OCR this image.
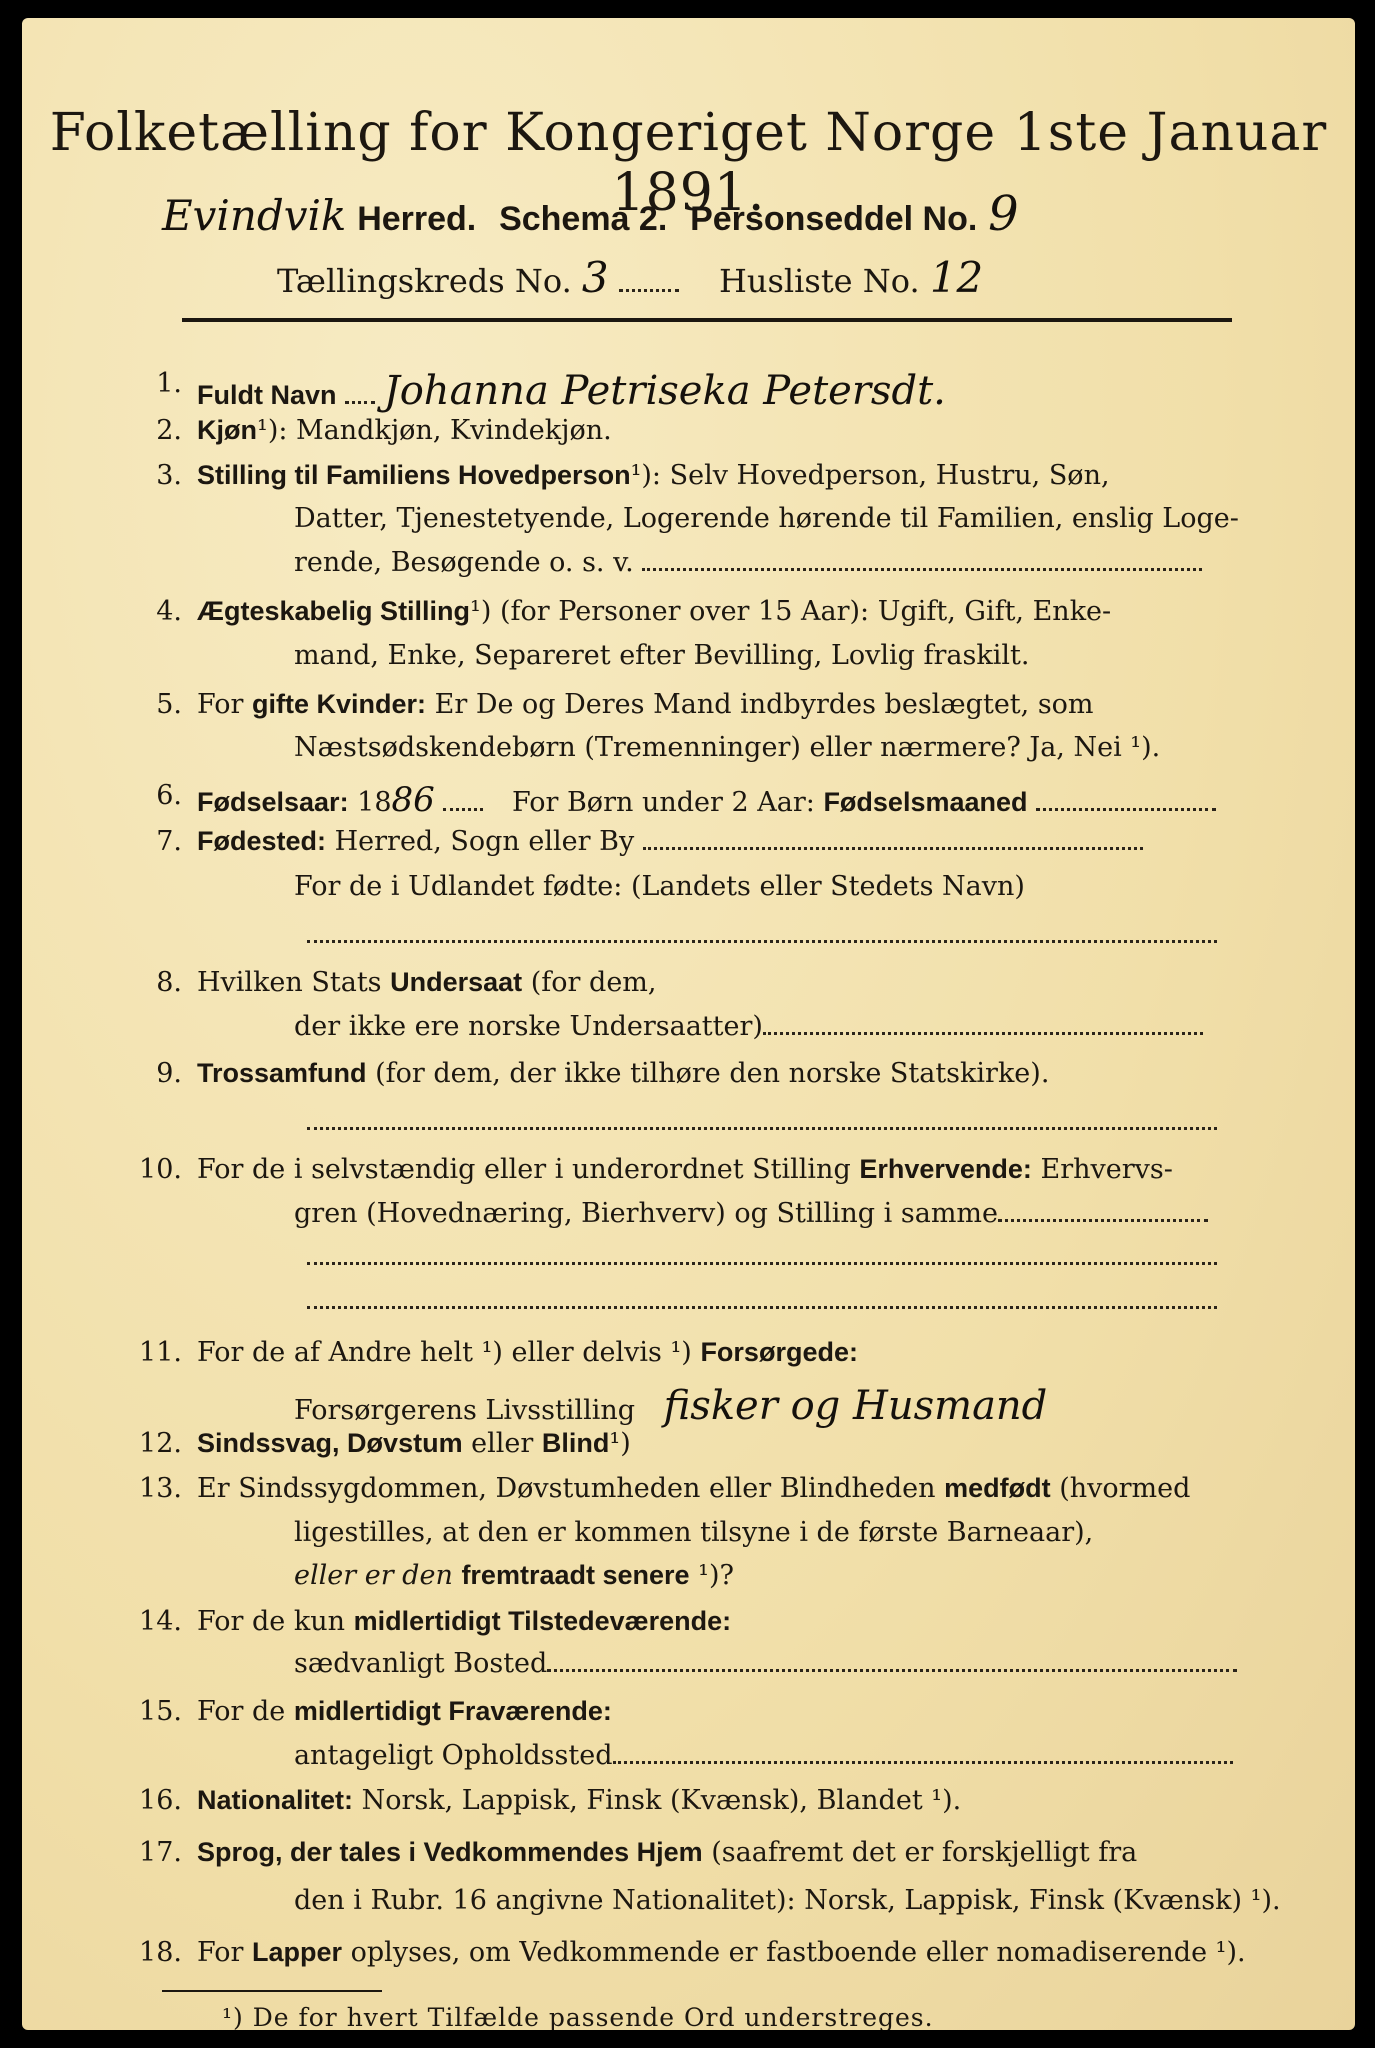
Folketælling for Kongeriget Norge 1ste Januar 1891.
Evindvik Herred. Schema 2. Personseddel No. 9
Tællingskreds No. 3	Husliste No. 12
1. Fuldt Navn Johanna Petriseka Petersdt.
2. Kjøn¹): Mandkjøn, Kvindekjøn.
3. Stilling til Familiens Hovedperson¹): Selv Hovedperson, Hustru, Søn,
Datter, Tjenestetyende, Logerende hørende til Familien, enslig Loge-
rende, Besøgende o. s. v.
4. Ægteskabelig Stilling¹) (for Personer over 15 Aar): Ugift, Gift, Enke-
mand, Enke, Separeret efter Bevilling, Lovlig fraskilt.
5. For gifte Kvinder: Er De og Deres Mand indbyrdes beslægtet, som
Næstsødskendebørn (Tremenninger) eller nærmere? Ja, Nei ¹).
6. Fødselsaar: 1886	For Børn under 2 Aar: Fødselsmaaned
7. Fødested: Herred, Sogn eller By
For de i Udlandet fødte: (Landets eller Stedets Navn)
8. Hvilken Stats Undersaat (for dem,
der ikke ere norske Undersaatter)
9. Trossamfund (for dem, der ikke tilhøre den norske Statskirke).
10. For de i selvstændig eller i underordnet Stilling Erhvervende: Erhvervs-
gren (Hovednæring, Bierhverv) og Stilling i samme
11. For de af Andre helt ¹) eller delvis ¹) Forsørgede:
Forsørgerens Livsstilling fisker og Husmand
12. Sindssvag, Døvstum eller Blind¹)
13. Er Sindssygdommen, Døvstumheden eller Blindheden medfødt (hvormed
ligestilles, at den er kommen tilsyne i de første Barneaar),
eller er den fremtraadt senere ¹)?
14. For de kun midlertidigt Tilstedeværende:
sædvanligt Bosted
15. For de midlertidigt Fraværende:
antageligt Opholdssted
16. Nationalitet: Norsk, Lappisk, Finsk (Kvænsk), Blandet ¹).
17. Sprog, der tales i Vedkommendes Hjem (saafremt det er forskjelligt fra
den i Rubr. 16 angivne Nationalitet): Norsk, Lappisk, Finsk (Kvænsk) ¹).
18. For Lapper oplyses, om Vedkommende er fastboende eller nomadiserende ¹).
¹) De for hvert Tilfælde passende Ord understreges.
